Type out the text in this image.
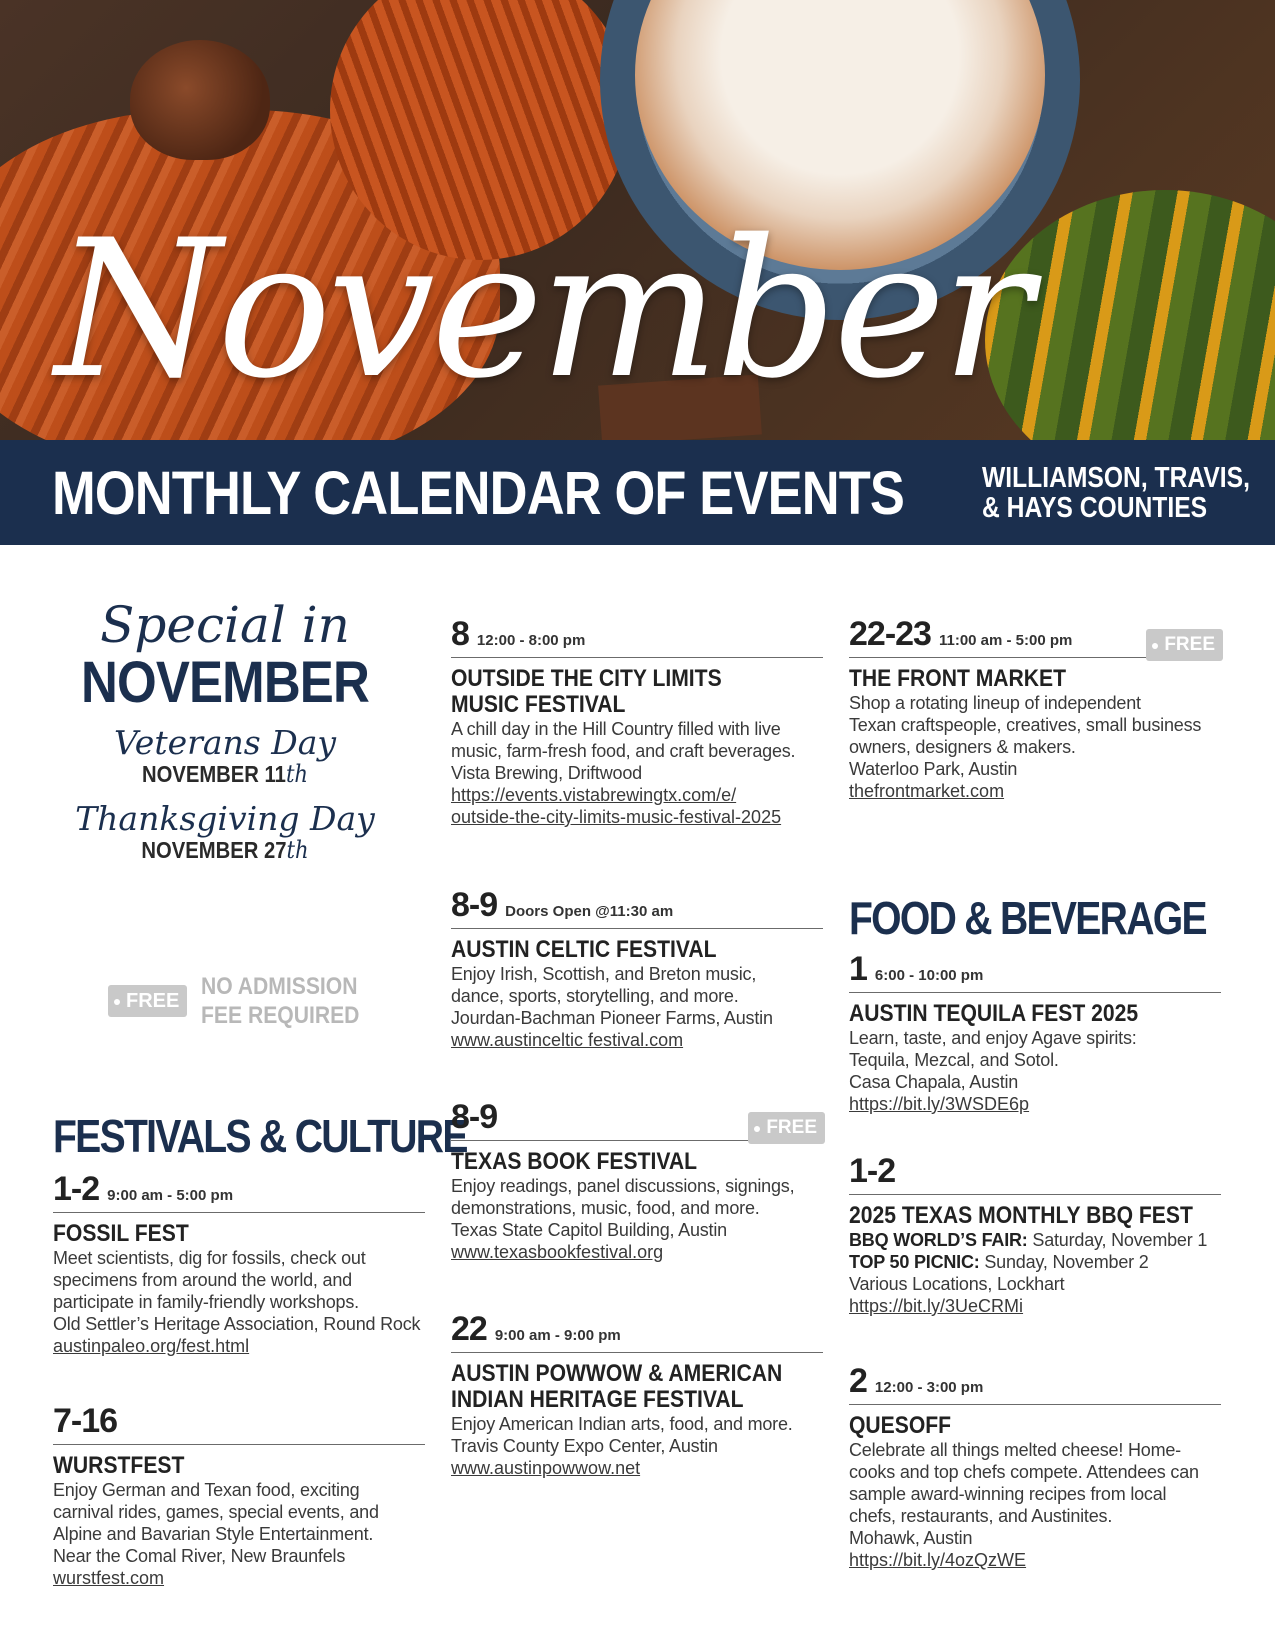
November
MONTHLY CALENDAR OF EVENTS	WILLIAMSON, TRAVIS,
& HAYS COUNTIES
Special in
NOVEMBER
Veterans Day
NOVEMBER 11th
Thanksgiving Day
NOVEMBER 27th
FREE
NO ADMISSION
FEE REQUIRED
FESTIVALS & CULTURE
1-2 9:00 am - 5:00 pm
FOSSIL FEST
Meet scientists, dig for fossils, check out
specimens from around the world, and
participate in family-friendly workshops.
Old Settler’s Heritage Association, Round Rock
austinpaleo.org/fest.html
7-16
WURSTFEST
Enjoy German and Texan food, exciting
carnival rides, games, special events, and
Alpine and Bavarian Style Entertainment.
Near the Comal River, New Braunfels
wurstfest.com
8 12:00 - 8:00 pm
OUTSIDE THE CITY LIMITS
MUSIC FESTIVAL
A chill day in the Hill Country filled with live
music, farm-fresh food, and craft beverages.
Vista Brewing, Driftwood
https://events.vistabrewingtx.com/e/
outside-the-city-limits-music-festival-2025
8-9 Doors Open @11:30 am
AUSTIN CELTIC FESTIVAL
Enjoy Irish, Scottish, and Breton music,
dance, sports, storytelling, and more.
Jourdan-Bachman Pioneer Farms, Austin
www.austinceltic festival.com
8-9	FREE
TEXAS BOOK FESTIVAL
Enjoy readings, panel discussions, signings,
demonstrations, music, food, and more.
Texas State Capitol Building, Austin
www.texasbookfestival.org
22 9:00 am - 9:00 pm
AUSTIN POWWOW & AMERICAN
INDIAN HERITAGE FESTIVAL
Enjoy American Indian arts, food, and more.
Travis County Expo Center, Austin
www.austinpowwow.net
22-23 11:00 am - 5:00 pm	FREE
THE FRONT MARKET
Shop a rotating lineup of independent
Texan craftspeople, creatives, small business
owners, designers & makers.
Waterloo Park, Austin
thefrontmarket.com
FOOD & BEVERAGE
1 6:00 - 10:00 pm
AUSTIN TEQUILA FEST 2025
Learn, taste, and enjoy Agave spirits:
Tequila, Mezcal, and Sotol.
Casa Chapala, Austin
https://bit.ly/3WSDE6p
1-2
2025 TEXAS MONTHLY BBQ FEST
BBQ WORLD’S FAIR: Saturday, November 1
TOP 50 PICNIC: Sunday, November 2
Various Locations, Lockhart
https://bit.ly/3UeCRMi
2 12:00 - 3:00 pm
QUESOFF
Celebrate all things melted cheese! Home-
cooks and top chefs compete. Attendees can
sample award-winning recipes from local
chefs, restaurants, and Austinites.
Mohawk, Austin
https://bit.ly/4ozQzWE
